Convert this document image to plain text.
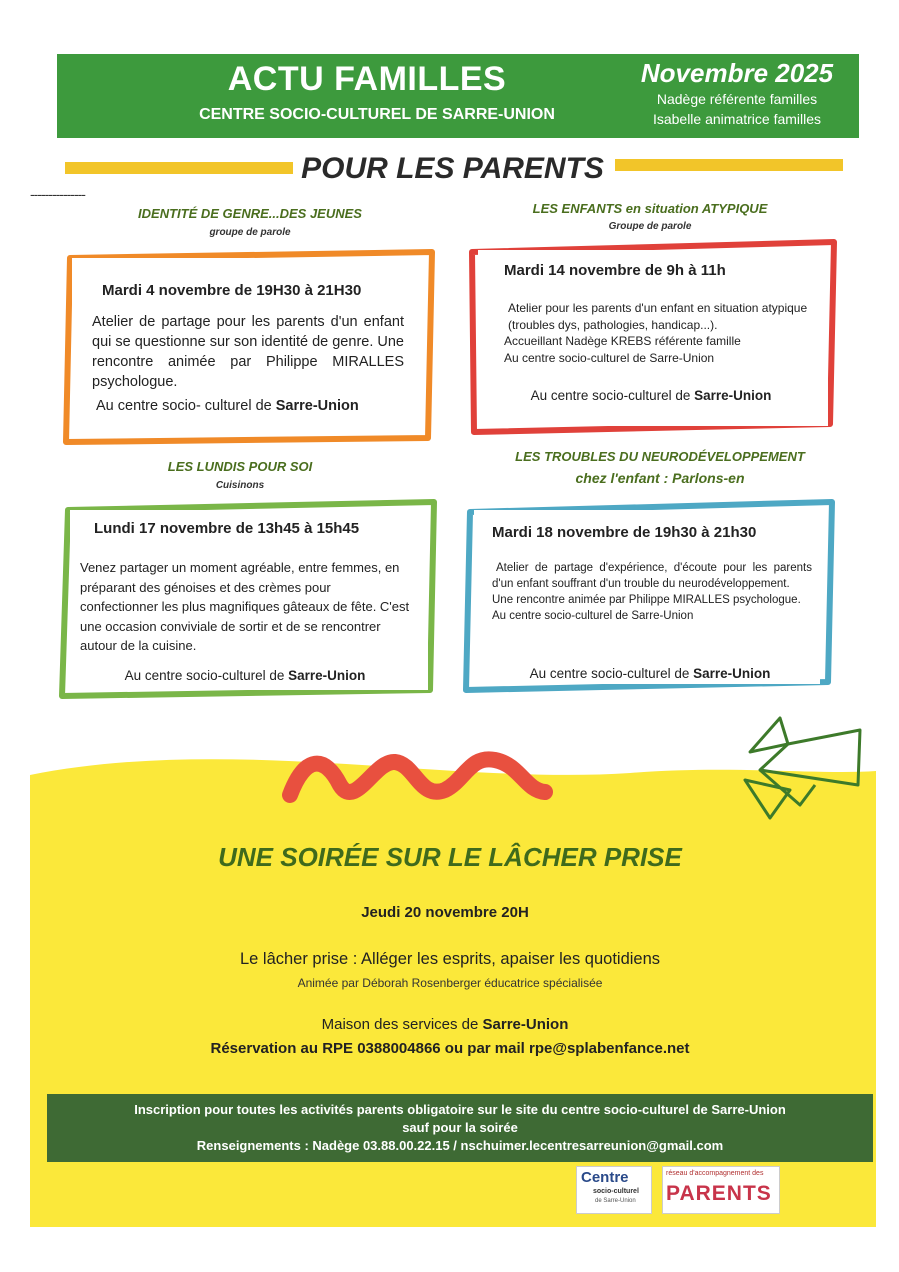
ACTU FAMILLES
CENTRE SOCIO-CULTUREL DE SARRE-UNION
Novembre 2025
Nadège référente familles
Isabelle animatrice familles
POUR LES PARENTS
---------------
IDENTITÉ DE GENRE...DES JEUNES
groupe de parole
LES ENFANTS en situation ATYPIQUE
Groupe de parole
Mardi 4 novembre de 19H30 à 21H30
Atelier de partage pour les parents d'un enfant qui se questionne sur son identité de genre. Une rencontre animée par Philippe MIRALLES psychologue.
Au centre socio- culturel de Sarre-Union
Mardi 14 novembre de 9h à 11h
Atelier pour les parents d'un enfant en situation atypique (troubles dys, pathologies, handicap...).
Accueillant Nadège KREBS référente famille
Au centre socio-culturel de Sarre-Union
Au centre socio-culturel de Sarre-Union
LES LUNDIS POUR SOI
Cuisinons
LES TROUBLES DU NEURODÉVELOPPEMENT
chez l'enfant : Parlons-en
Lundi 17 novembre de 13h45 à 15h45
Venez partager un moment agréable, entre femmes, en préparant des génoises et des crèmes pour confectionner les plus magnifiques gâteaux de fête. C'est une occasion conviviale de sortir et de se rencontrer autour de la cuisine.
Au centre socio-culturel de Sarre-Union
Mardi 18 novembre de 19h30 à 21h30
Atelier de partage d'expérience, d'écoute pour les parents d'un enfant souffrant d'un trouble du neurodéveloppement.
Une rencontre animée par Philippe MIRALLES psychologue.
Au centre socio-culturel de Sarre-Union
Au centre socio-culturel de Sarre-Union
UNE SOIRÉE SUR LE LÂCHER PRISE
Jeudi 20 novembre 20H
Le lâcher prise : Alléger les esprits, apaiser les quotidiens
Animée par Déborah Rosenberger éducatrice spécialisée
Maison des services de Sarre-Union
Réservation au RPE 0388004866 ou par mail rpe@splabenfance.net
Inscription pour toutes les activités parents obligatoire sur le site du centre socio-culturel de Sarre-Union
sauf pour la soirée
Renseignements : Nadège 03.88.00.22.15 / nschuimer.lecentresarreunion@gmail.com
Centre
socio-culturel
de Sarre-Union
réseau d'accompagnement des
PARENTS
